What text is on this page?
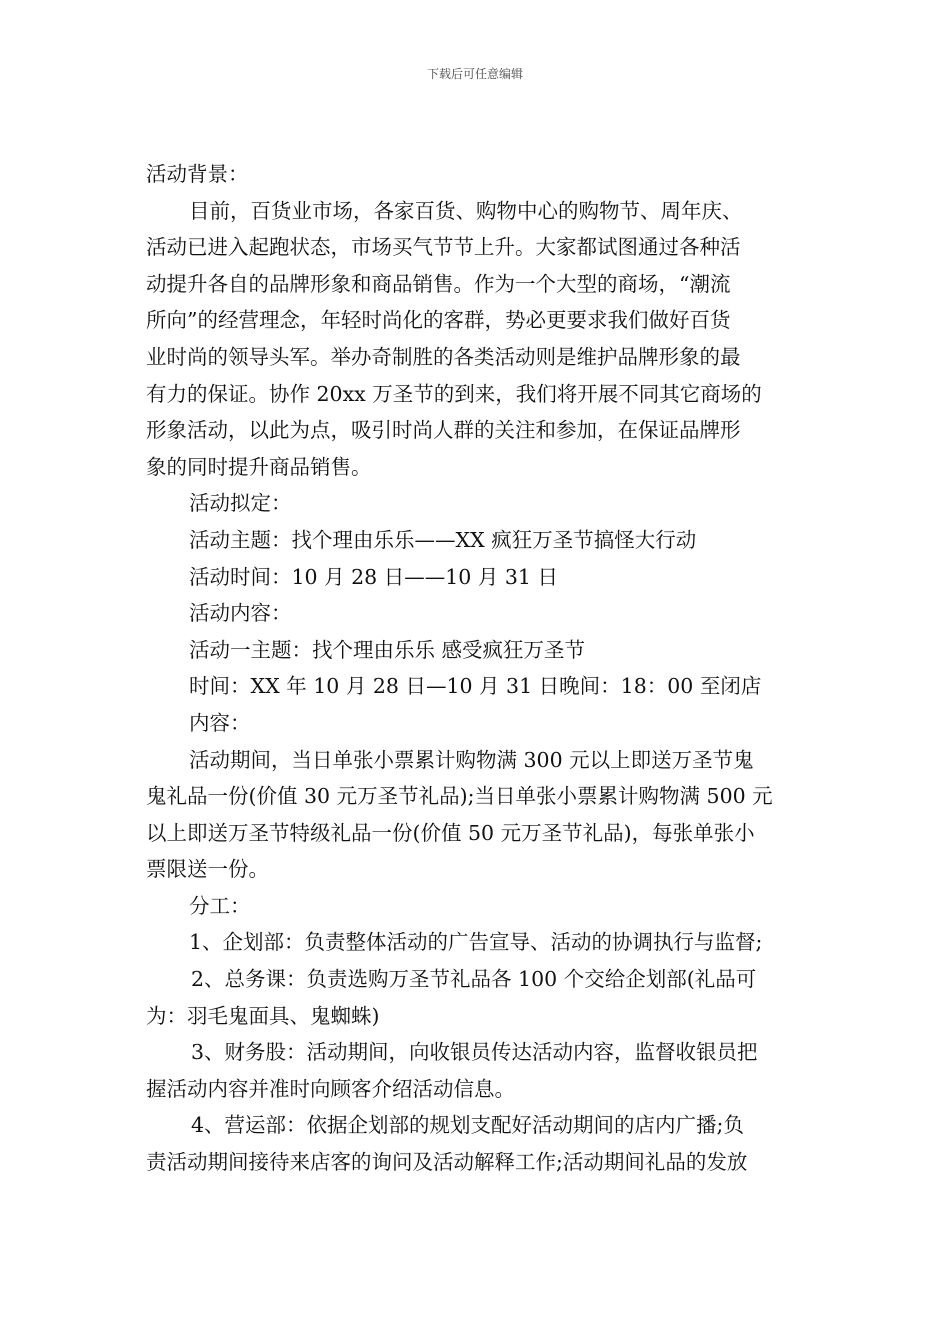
下载后可任意编辑
活动背景：
目前，百货业市场，各家百货、购物中心的购物节、周年庆、
活动已进入起跑状态，市场买气节节上升。大家都试图通过各种活
动提升各自的品牌形象和商品销售。作为一个大型的商场，“潮流
所向”的经营理念，年轻时尚化的客群，势必更要求我们做好百货
业时尚的领导头军。举办奇制胜的各类活动则是维护品牌形象的最
有力的保证。协作 20xx 万圣节的到来，我们将开展不同其它商场的
形象活动，以此为点，吸引时尚人群的关注和参加，在保证品牌形
象的同时提升商品销售。
活动拟定：
活动主题：找个理由乐乐——XX 疯狂万圣节搞怪大行动
活动时间：10 月 28 日——10 月 31 日
活动内容：
活动一主题：找个理由乐乐 感受疯狂万圣节
时间：XX 年 10 月 28 日—10 月 31 日晚间：18：00 至闭店
内容：
活动期间，当日单张小票累计购物满 300 元以上即送万圣节鬼
鬼礼品一份(价值 30 元万圣节礼品);当日单张小票累计购物满 500 元
以上即送万圣节特级礼品一份(价值 50 元万圣节礼品)，每张单张小
票限送一份。
分工：
1、企划部：负责整体活动的广告宣导、活动的协调执行与监督;
2、总务课：负责选购万圣节礼品各 100 个交给企划部(礼品可
为：羽毛鬼面具、鬼蜘蛛)
3、财务股：活动期间，向收银员传达活动内容，监督收银员把
握活动内容并准时向顾客介绍活动信息。
4、营运部：依据企划部的规划支配好活动期间的店内广播;负
责活动期间接待来店客的询问及活动解释工作;活动期间礼品的发放
